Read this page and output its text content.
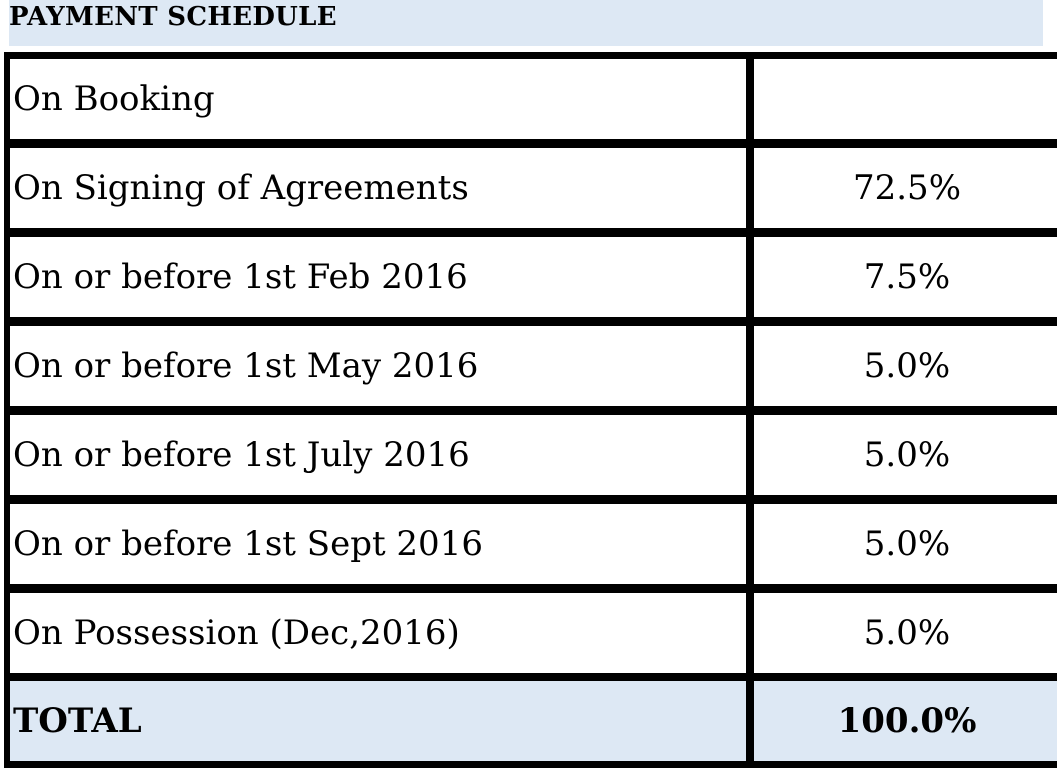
PAYMENT SCHEDULE
On Booking
On Signing of Agreements	72.5%
On or before 1st Feb 2016	7.5%
On or before 1st May 2016	5.0%
On or before 1st July 2016	5.0%
On or before 1st Sept 2016	5.0%
On Possession (Dec,2016)	5.0%
TOTAL	100.0%
